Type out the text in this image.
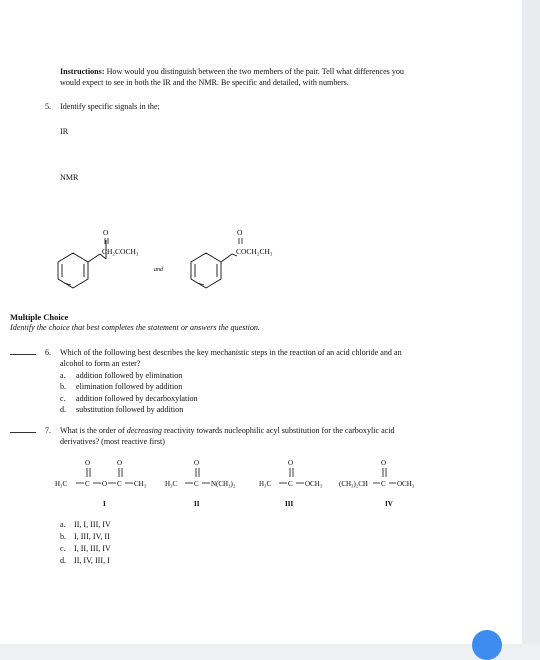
Instructions: How would you distinguish between the two members of the pair. Tell what differences you
would expect to see in both the IR and the NMR. Be specific and detailed, with numbers.
5. Identify specific signals in the;
IR
NMR
O
CH₂COCH₃
and
O
COCH₂CH₃
Multiple Choice
Identify the choice that best completes the statement or answers the question.
6. Which of the following best describes the key mechanistic steps in the reaction of an acid chloride and an
alcohol to form an ester?
a. addition followed by elimination
b. elimination followed by addition
c. addition followed by decarboxylation
d. substitution followed by addition
7. What is the order of decreasing reactivity towards nucleophilic acyl substitution for the carboxylic acid
derivatives? (most reactive first)
O	O
H₃C	C O C CH₃
I
O
H₃C C N(CH₃)₂
II
O
H₃C C OCH₃
III
O
(CH₃)₂CH C OCH₃
IV
a. II, I, III, IV
b. I, III, IV, II
c. I, II, III, IV
d. II, IV, III, I
